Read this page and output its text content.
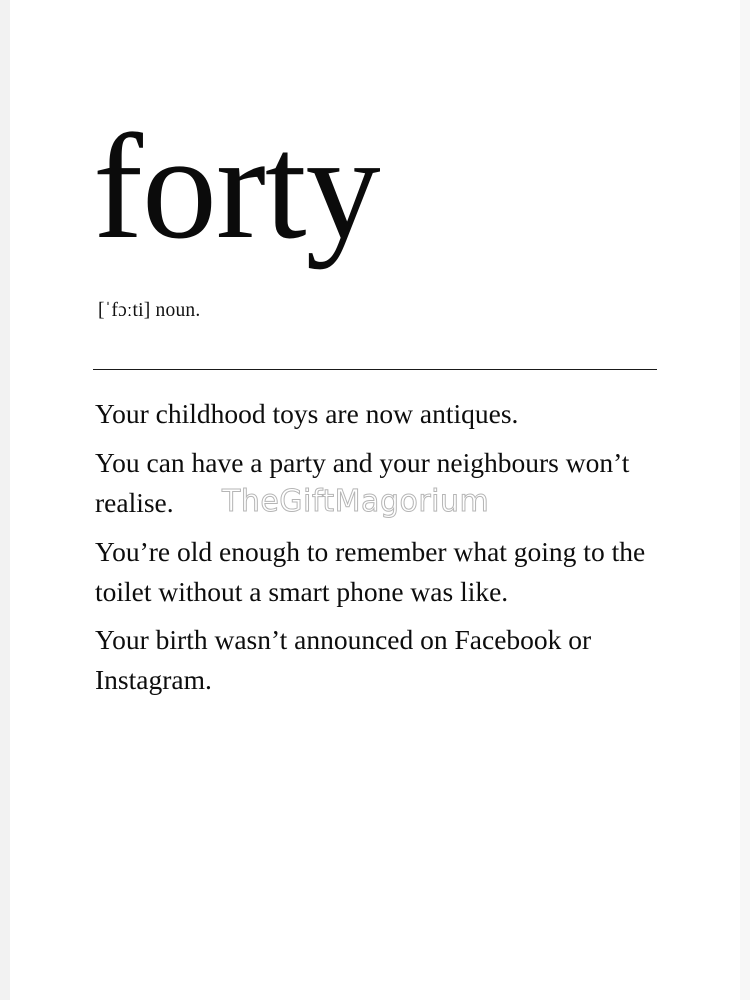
forty

[ˈfɔːti] noun.

Your childhood toys are now antiques.
You can have a party and your neighbours won’t realise.
You’re old enough to remember what going to the toilet without a smart phone was like.
Your birth wasn’t announced on Facebook or Instagram.
TheGiftMagorium
